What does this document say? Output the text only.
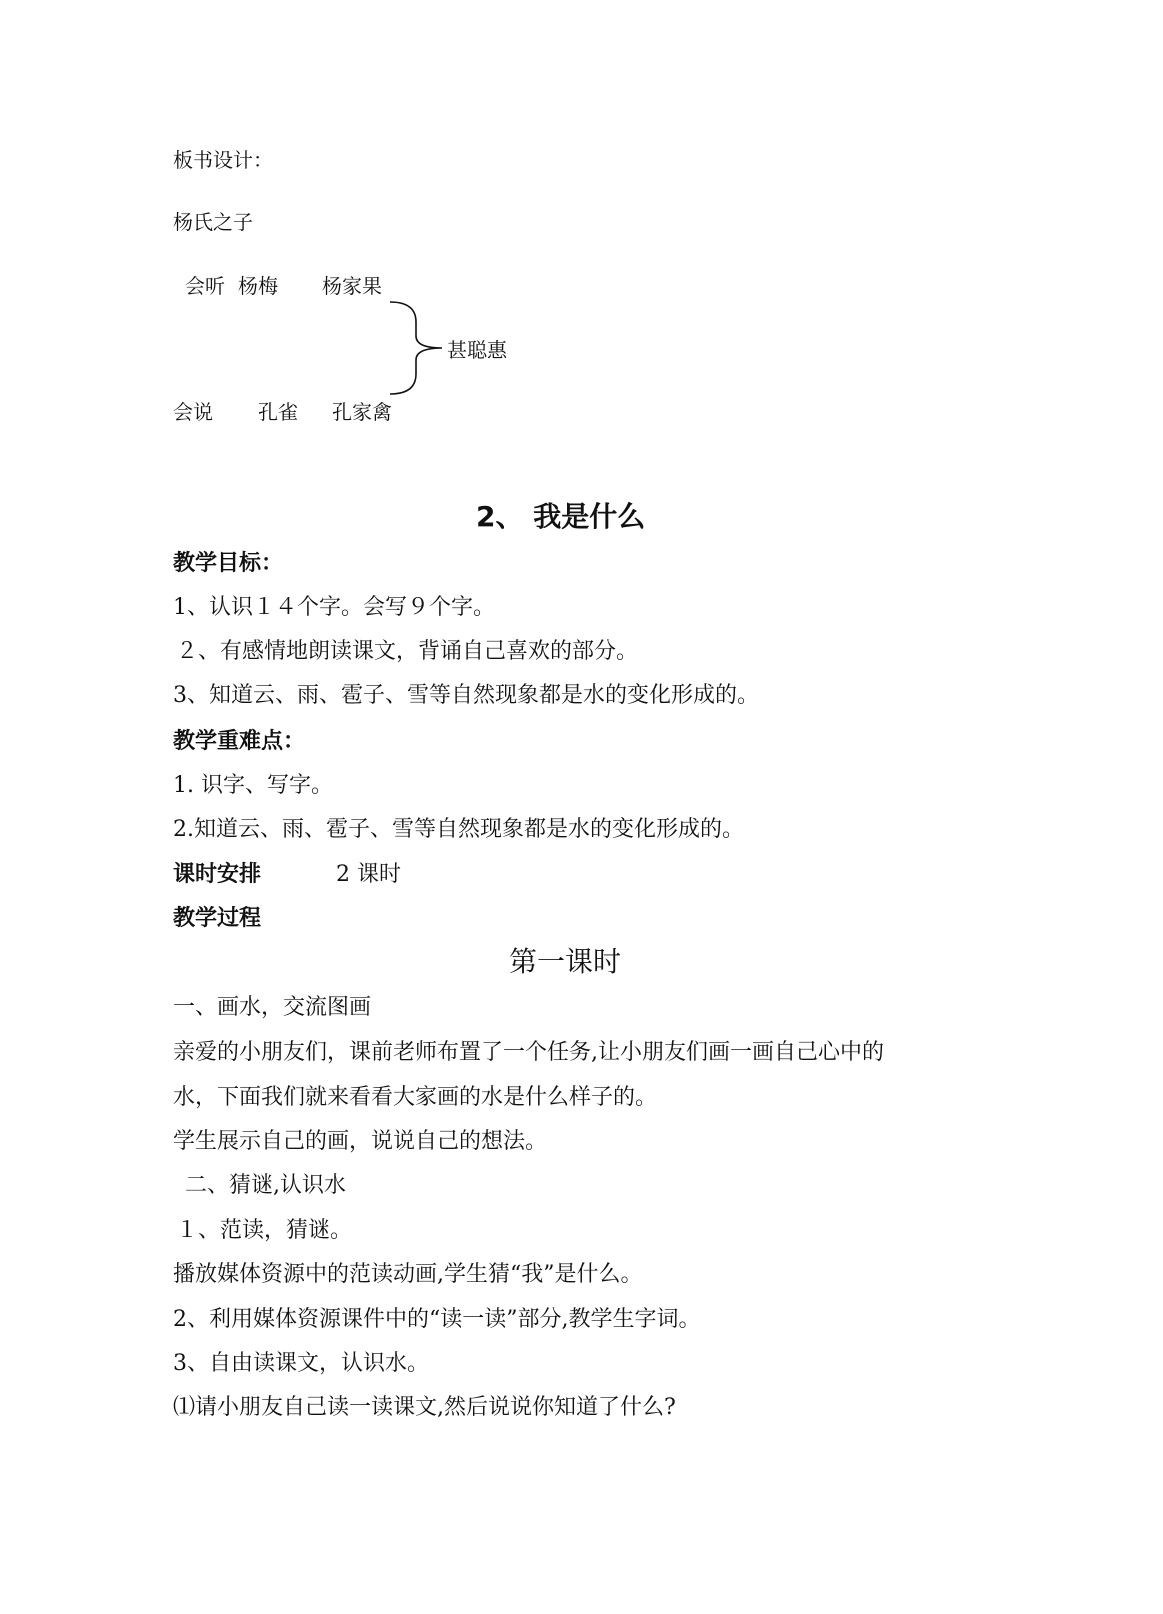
板书设计：
杨氏之子
会听 杨梅 杨家果
甚聪惠
会说 孔雀 孔家禽
2、 我是什么
教学目标：
1、认识１４个字。会写９个字。
２、有感情地朗读课文，背诵自己喜欢的部分。
3、知道云、雨、雹子、雪等自然现象都是水的变化形成的。
教学重难点：
1. 识字、写字。
2.知道云、雨、雹子、雪等自然现象都是水的变化形成的。
课时安排	2 课时
教学过程
第一课时
一、画水，交流图画
亲爱的小朋友们，课前老师布置了一个任务,让小朋友们画一画自己心中的
水，下面我们就来看看大家画的水是什么样子的。
学生展示自己的画，说说自己的想法。
二、猜谜,认识水
１、范读，猜谜。
播放媒体资源中的范读动画,学生猜“我”是什么。
2、利用媒体资源课件中的“读一读”部分,教学生字词。
3、自由读课文，认识水。
⑴请小朋友自己读一读课文,然后说说你知道了什么?
